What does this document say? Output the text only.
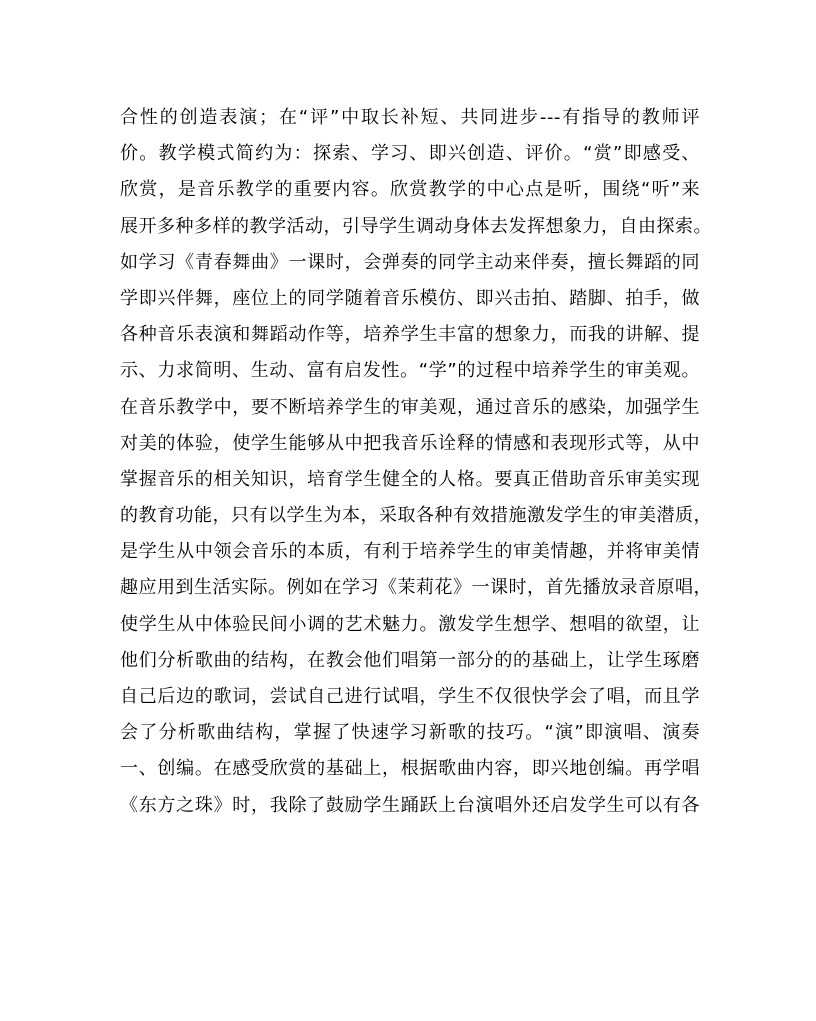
合性的创造表演；在“评”中取长补短、共同进步---有指导的教师评
价。教学模式简约为：探索、学习、即兴创造、评价。“赏”即感受、
欣赏，是音乐教学的重要内容。欣赏教学的中心点是听，围绕“听”来
展开多种多样的教学活动，引导学生调动身体去发挥想象力，自由探索。
如学习《青春舞曲》一课时，会弹奏的同学主动来伴奏，擅长舞蹈的同
学即兴伴舞，座位上的同学随着音乐模仿、即兴击拍、踏脚、拍手，做
各种音乐表演和舞蹈动作等，培养学生丰富的想象力，而我的讲解、提
示、力求简明、生动、富有启发性。“学”的过程中培养学生的审美观。
在音乐教学中，要不断培养学生的审美观，通过音乐的感染，加强学生
对美的体验，使学生能够从中把我音乐诠释的情感和表现形式等，从中
掌握音乐的相关知识，培育学生健全的人格。要真正借助音乐审美实现
的教育功能，只有以学生为本，采取各种有效措施激发学生的审美潜质，
是学生从中领会音乐的本质，有利于培养学生的审美情趣，并将审美情
趣应用到生活实际。例如在学习《茉莉花》一课时，首先播放录音原唱，
使学生从中体验民间小调的艺术魅力。激发学生想学、想唱的欲望，让
他们分析歌曲的结构，在教会他们唱第一部分的的基础上，让学生琢磨
自己后边的歌词，尝试自己进行试唱，学生不仅很快学会了唱，而且学
会了分析歌曲结构，掌握了快速学习新歌的技巧。“演”即演唱、演奏
一、创编。在感受欣赏的基础上，根据歌曲内容，即兴地创编。再学唱
《东方之珠》时，我除了鼓励学生踊跃上台演唱外还启发学生可以有各
